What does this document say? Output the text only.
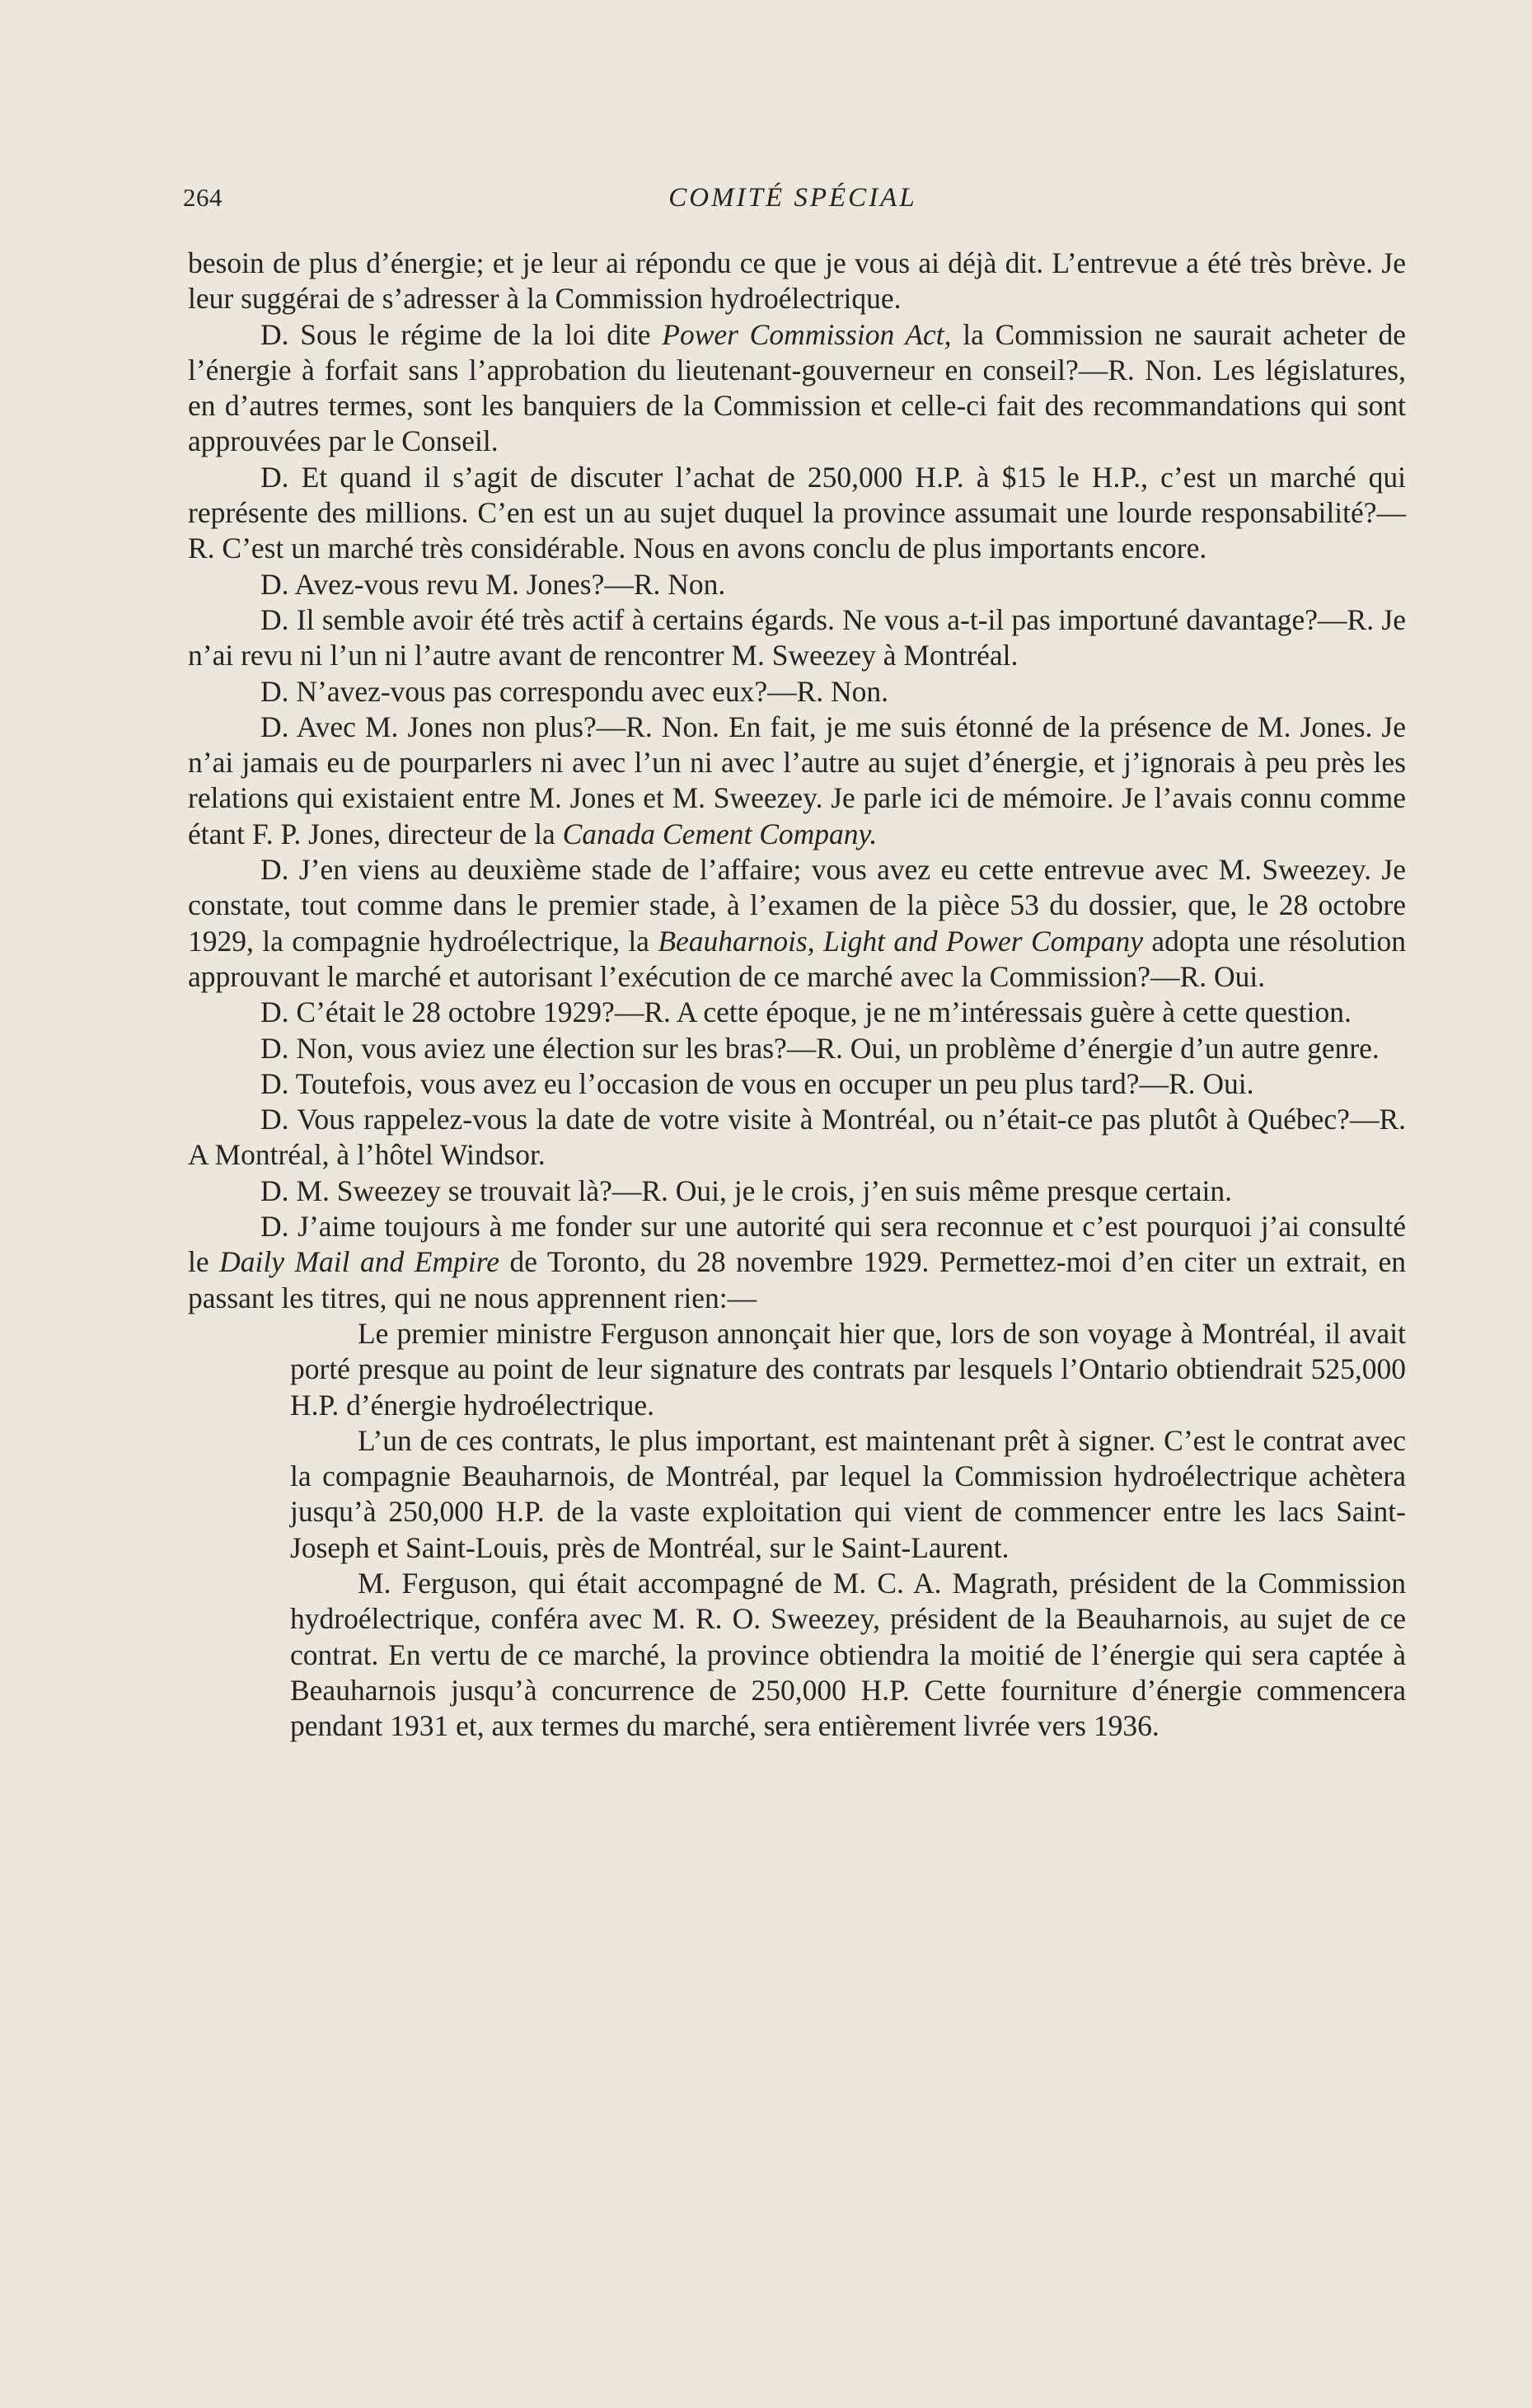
264	COMITÉ SPÉCIAL

besoin de plus d’énergie; et je leur ai répondu ce que je vous ai déjà dit. L’entrevue a été très brève. Je leur suggérai de s’adresser à la Commission hydroélectrique.

D. Sous le régime de la loi dite Power Commission Act, la Commission ne saurait acheter de l’énergie à forfait sans l’approbation du lieutenant-gouverneur en conseil?—R. Non. Les législatures, en d’autres termes, sont les banquiers de la Commission et celle-ci fait des recommandations qui sont approuvées par le Conseil.

D. Et quand il s’agit de discuter l’achat de 250,000 H.P. à $15 le H.P., c’est un marché qui représente des millions. C’en est un au sujet duquel la province assumait une lourde responsabilité?—R. C’est un marché très considérable. Nous en avons conclu de plus importants encore.

D. Avez-vous revu M. Jones?—R. Non.

D. Il semble avoir été très actif à certains égards. Ne vous a-t-il pas importuné davantage?—R. Je n’ai revu ni l’un ni l’autre avant de rencontrer M. Sweezey à Montréal.

D. N’avez-vous pas correspondu avec eux?—R. Non.

D. Avec M. Jones non plus?—R. Non. En fait, je me suis étonné de la présence de M. Jones. Je n’ai jamais eu de pourparlers ni avec l’un ni avec l’autre au sujet d’énergie, et j’ignorais à peu près les relations qui existaient entre M. Jones et M. Sweezey. Je parle ici de mémoire. Je l’avais connu comme étant F. P. Jones, directeur de la Canada Cement Company.

D. J’en viens au deuxième stade de l’affaire; vous avez eu cette entrevue avec M. Sweezey. Je constate, tout comme dans le premier stade, à l’examen de la pièce 53 du dossier, que, le 28 octobre 1929, la compagnie hydroélectrique, la Beauharnois, Light and Power Company adopta une résolution approuvant le marché et autorisant l’exécution de ce marché avec la Commission?—R. Oui.

D. C’était le 28 octobre 1929?—R. A cette époque, je ne m’intéressais guère à cette question.

D. Non, vous aviez une élection sur les bras?—R. Oui, un problème d’énergie d’un autre genre.

D. Toutefois, vous avez eu l’occasion de vous en occuper un peu plus tard?—R. Oui.

D. Vous rappelez-vous la date de votre visite à Montréal, ou n’était-ce pas plutôt à Québec?—R. A Montréal, à l’hôtel Windsor.

D. M. Sweezey se trouvait là?—R. Oui, je le crois, j’en suis même presque certain.

D. J’aime toujours à me fonder sur une autorité qui sera reconnue et c’est pourquoi j’ai consulté le Daily Mail and Empire de Toronto, du 28 novembre 1929. Permettez-moi d’en citer un extrait, en passant les titres, qui ne nous apprennent rien:—

Le premier ministre Ferguson annonçait hier que, lors de son voyage à Montréal, il avait porté presque au point de leur signature des contrats par lesquels l’Ontario obtiendrait 525,000 H.P. d’énergie hydroélectrique.

L’un de ces contrats, le plus important, est maintenant prêt à signer. C’est le contrat avec la compagnie Beauharnois, de Montréal, par lequel la Commission hydroélectrique achètera jusqu’à 250,000 H.P. de la vaste exploitation qui vient de commencer entre les lacs Saint-Joseph et Saint-Louis, près de Montréal, sur le Saint-Laurent.

M. Ferguson, qui était accompagné de M. C. A. Magrath, président de la Commission hydroélectrique, conféra avec M. R. O. Sweezey, président de la Beauharnois, au sujet de ce contrat. En vertu de ce marché, la province obtiendra la moitié de l’énergie qui sera captée à Beauharnois jusqu’à concurrence de 250,000 H.P. Cette fourniture d’énergie commencera pendant 1931 et, aux termes du marché, sera entièrement livrée vers 1936.
